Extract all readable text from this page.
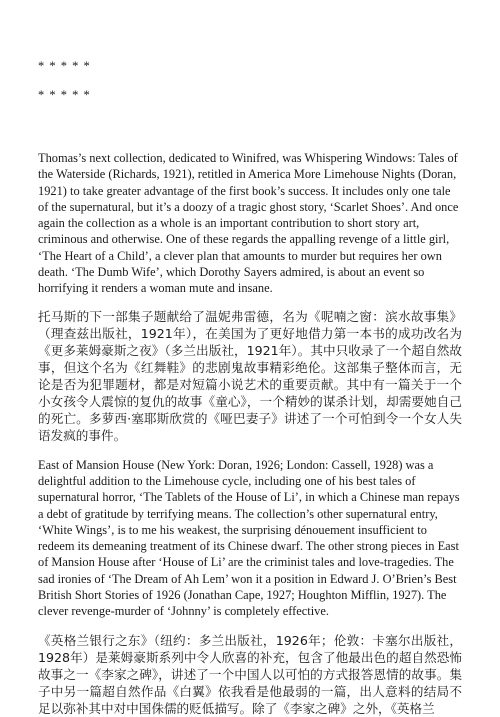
* * * * *

* * * * *

Thomas’s next collection, dedicated to Winifred, was Whispering Windows: Tales of the Waterside (Richards, 1921), retitled in America More Limehouse Nights (Doran, 1921) to take greater advantage of the first book’s success. It includes only one tale of the supernatural, but it’s a doozy of a tragic ghost story, ‘Scarlet Shoes’. And once again the collection as a whole is an important contribution to short story art, criminous and otherwise. One of these regards the appalling revenge of a little girl, ‘The Heart of a Child’, a clever plan that amounts to murder but requires her own death. ‘The Dumb Wife’, which Dorothy Sayers admired, is about an event so horrifying it renders a woman mute and insane.

托马斯的下一部集子题献给了温妮弗雷德，名为《呢喃之窗：滨水故事集》（理查兹出版社，1921年），在美国为了更好地借力第一本书的成功改名为《更多莱姆豪斯之夜》（多兰出版社，1921年）。其中只收录了一个超自然故事，但这个名为《红舞鞋》的悲剧鬼故事精彩绝伦。这部集子整体而言，无论是否为犯罪题材，都是对短篇小说艺术的重要贡献。其中有一篇关于一个小女孩令人震惊的复仇的故事《童心》，一个精妙的谋杀计划，却需要她自己的死亡。多萝西·塞耶斯欣赏的《哑巴妻子》讲述了一个可怕到令一个女人失语发疯的事件。

East of Mansion House (New York: Doran, 1926; London: Cassell, 1928) was a delightful addition to the Limehouse cycle, including one of his best tales of supernatural horror, ‘The Tablets of the House of Li’, in which a Chinese man repays a debt of gratitude by terrifying means. The collection’s other supernatural entry, ‘White Wings’, is to me his weakest, the surprising dénouement insufficient to redeem its demeaning treatment of its Chinese dwarf. The other strong pieces in East of Mansion House after ‘House of Li’ are the criminist tales and love-tragedies. The sad ironies of ‘The Dream of Ah Lem’ won it a position in Edward J. O’Brien’s Best British Short Stories of 1926 (Jonathan Cape, 1927; Houghton Mifflin, 1927). The clever revenge-murder of ‘Johnny’ is completely effective.

《英格兰银行之东》（纽约：多兰出版社，1926年；伦敦：卡塞尔出版社，1928年）是莱姆豪斯系列中令人欣喜的补充，包含了他最出色的超自然恐怖故事之一《李家之碑》，讲述了一个中国人以可怕的方式报答恩情的故事。集子中另一篇超自然作品《白翼》依我看是他最弱的一篇，出人意料的结局不足以弥补其中对中国侏儒的贬低描写。除了《李家之碑》之外，《英格兰
